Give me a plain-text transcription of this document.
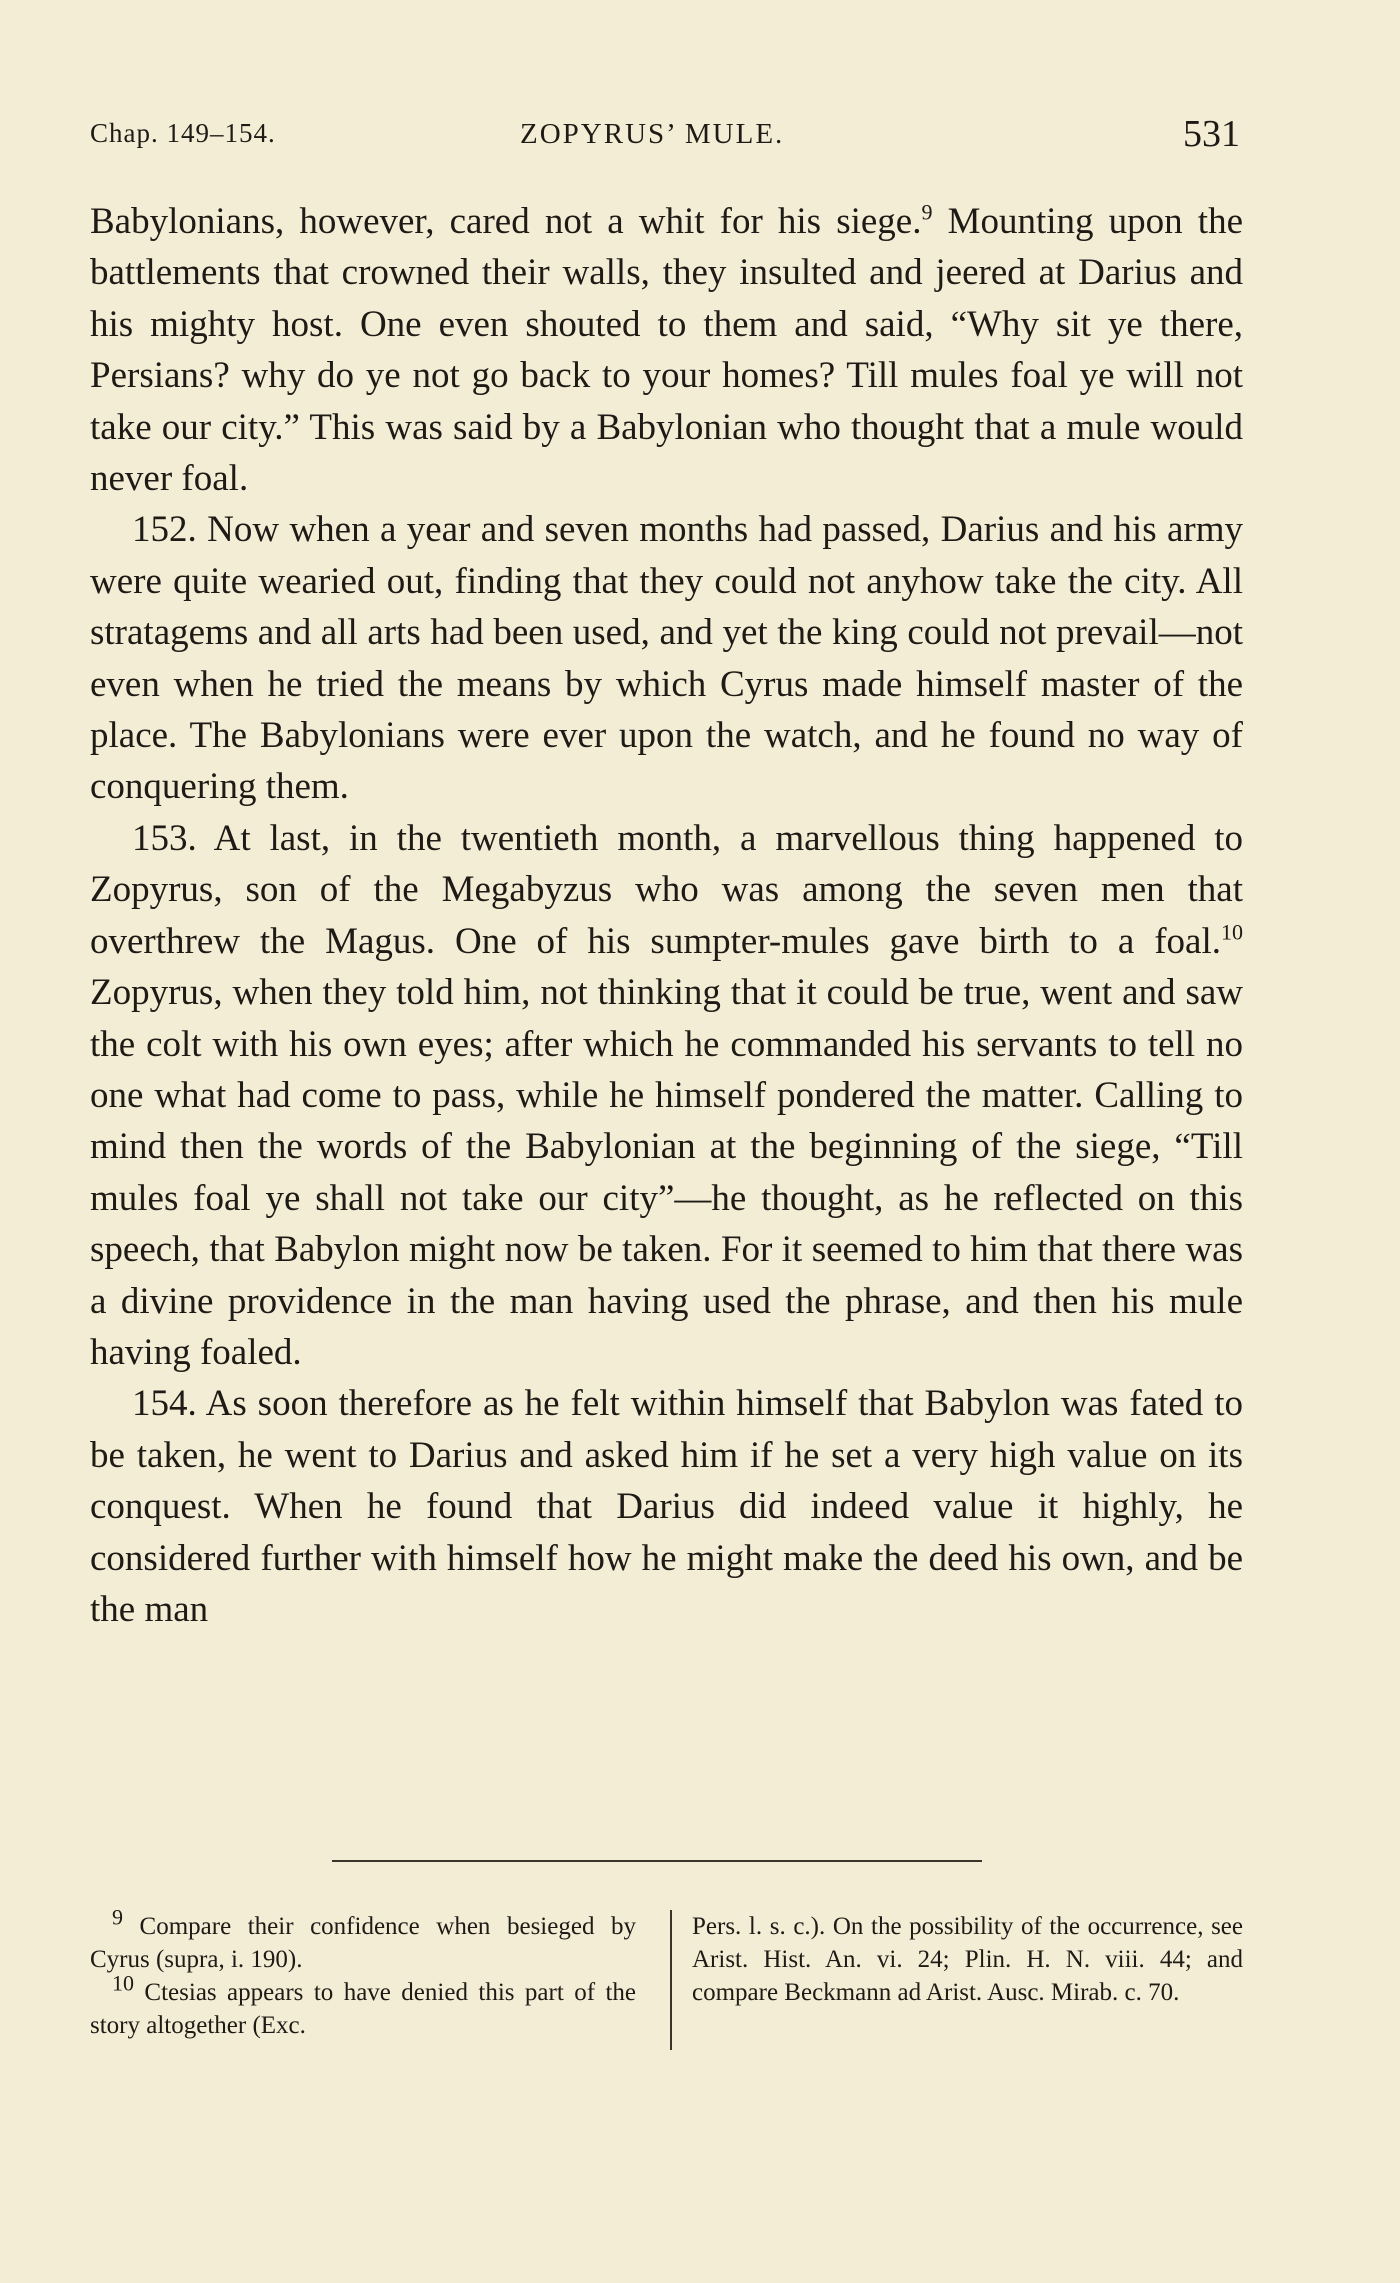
Chap. 149–154.	ZOPYRUS’ MULE.	531

Babylonians, however, cared not a whit for his siege.$^9$ Mounting upon the battlements that crowned their walls, they insulted and jeered at Darius and his mighty host. One even shouted to them and said, “Why sit ye there, Persians? why do ye not go back to your homes? Till mules foal ye will not take our city.” This was said by a Babylonian who thought that a mule would never foal.

152. Now when a year and seven months had passed, Darius and his army were quite wearied out, finding that they could not anyhow take the city. All stratagems and all arts had been used, and yet the king could not prevail—not even when he tried the means by which Cyrus made himself master of the place. The Babylonians were ever upon the watch, and he found no way of conquering them.

153. At last, in the twentieth month, a marvellous thing happened to Zopyrus, son of the Megabyzus who was among the seven men that overthrew the Magus. One of his sumpter-mules gave birth to a foal.$^{10}$ Zopyrus, when they told him, not thinking that it could be true, went and saw the colt with his own eyes; after which he commanded his servants to tell no one what had come to pass, while he himself pondered the matter. Calling to mind then the words of the Babylonian at the beginning of the siege, “Till mules foal ye shall not take our city”—he thought, as he reflected on this speech, that Babylon might now be taken. For it seemed to him that there was a divine providence in the man having used the phrase, and then his mule having foaled.

154. As soon therefore as he felt within himself that Babylon was fated to be taken, he went to Darius and asked him if he set a very high value on its conquest. When he found that Darius did indeed value it highly, he considered further with himself how he might make the deed his own, and be the man

$^9$ Compare their confidence when besieged by Cyrus (supra, i. 190).

$^{10}$ Ctesias appears to have denied this part of the story altogether (Exc.

Pers. l. s. c.). On the possibility of the occurrence, see Arist. Hist. An. vi. 24; Plin. H. N. viii. 44; and compare Beckmann ad Arist. Ausc. Mirab. c. 70.
